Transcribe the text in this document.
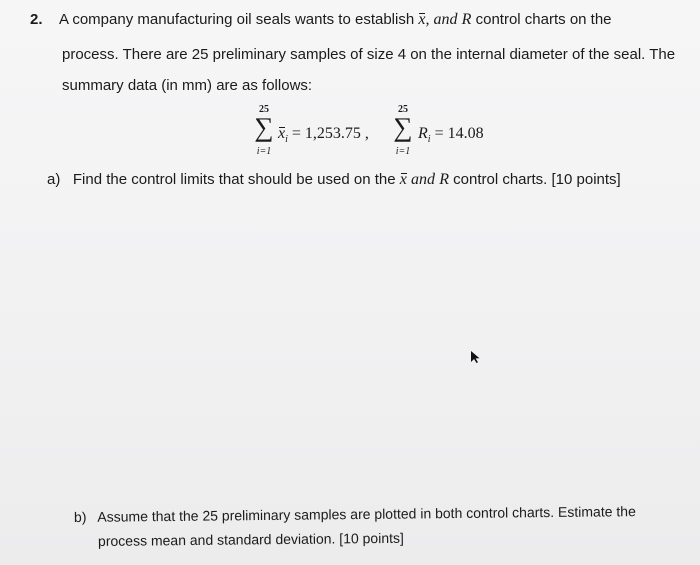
2. A company manufacturing oil seals wants to establish x, and R control charts on the
process. There are 25 preliminary samples of size 4 on the internal diameter of the seal. The
summary data (in mm) are as follows:
25
∑
i=1
$x_i = 1,253.75$ ,
25
∑
i=1
$R_i = 14.08$
a) Find the control limits that should be used on the x and R control charts. [10 points]
b) Assume that the 25 preliminary samples are plotted in both control charts. Estimate the
process mean and standard deviation. [10 points]
